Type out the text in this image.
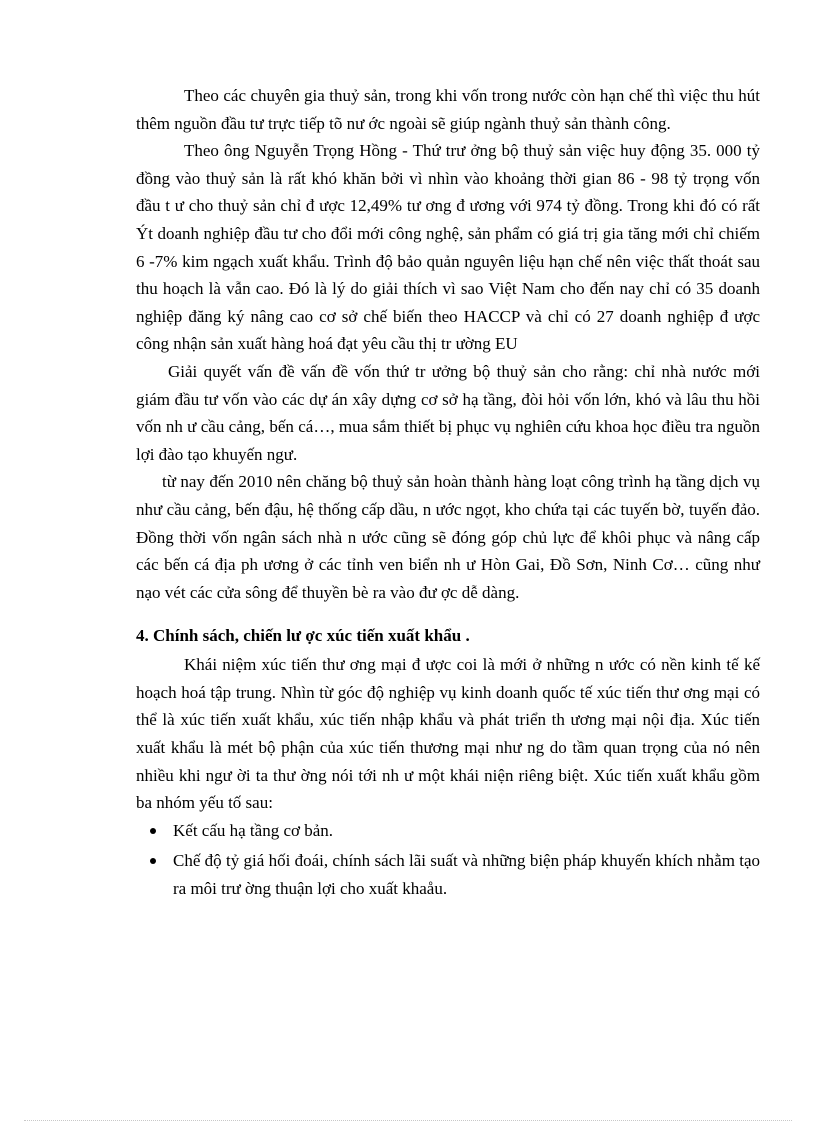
Theo các chuyên gia thuỷ sản, trong khi vốn trong nước còn hạn chế thì việc thu hút thêm nguồn đầu tư trực tiếp tõ nư ớc ngoài sẽ giúp ngành thuỷ sản thành công.

Theo ông Nguyễn Trọng Hồng - Thứ trư ởng bộ thuỷ sản việc huy động 35. 000 tỷ đồng vào thuỷ sản là rất khó khăn bởi vì nhìn vào khoảng thời gian 86 - 98 tỷ trọng vốn đầu t ư cho thuỷ sản chỉ đ ược 12,49% tư ơng đ ương với 974 tỷ đồng. Trong khi đó có rất Ýt doanh nghiệp đầu tư cho đổi mới công nghệ, sản phẩm có giá trị gia tăng mới chỉ chiếm 6 -7% kim ngạch xuất khẩu. Trình độ bảo quản nguyên liệu hạn chế nên việc thất thoát sau thu hoạch là vẫn cao. Đó là lý do giải thích vì sao Việt Nam cho đến nay chỉ có 35 doanh nghiệp đăng ký nâng cao cơ sở chế biến theo HACCP và chỉ có 27 doanh nghiệp đ ược công nhận sản xuất hàng hoá đạt yêu cầu thị tr ường EU

Giải quyết vấn đề vấn đề vốn thứ tr ưởng bộ thuỷ sản cho rằng: chỉ nhà nước mới giám đầu tư vốn vào các dự án xây dựng cơ sở hạ tầng, đòi hỏi vốn lớn, khó và lâu thu hồi vốn nh ư cầu cảng, bến cá…, mua sắm thiết bị phục vụ nghiên cứu khoa học điều tra nguồn lợi đào tạo khuyến ngư.

từ nay đến 2010 nên chăng bộ thuỷ sản hoàn thành hàng loạt công trình hạ tầng dịch vụ như cầu cảng, bến đậu, hệ thống cấp dầu, n ước ngọt, kho chứa tại các tuyến bờ, tuyến đảo. Đồng thời vốn ngân sách nhà n ước cũng sẽ đóng góp chủ lực để khôi phục và nâng cấp các bến cá địa ph ương ở các tỉnh ven biển nh ư Hòn Gai, Đồ Sơn, Ninh Cơ… cũng như nạo vét các cửa sông để thuyền bè ra vào đư ợc dễ dàng.

4. Chính sách, chiến lư ợc xúc tiến xuất khẩu .

Khái niệm xúc tiến thư ơng mại đ ược coi là mới ở những n ước có nền kinh tế kế hoạch hoá tập trung. Nhìn từ góc độ nghiệp vụ kinh doanh quốc tế xúc tiến thư ơng mại có thể là xúc tiến xuất khẩu, xúc tiến nhập khẩu và phát triển th ương mại nội địa. Xúc tiến xuất khẩu là mét bộ phận của xúc tiến thương mại như ng do tầm quan trọng của nó nên nhiều khi ngư ời ta thư ờng nói tới nh ư một khái niện riêng biệt. Xúc tiến xuất khẩu gồm ba nhóm yếu tố sau:

Kết cấu hạ tầng cơ bản.
Chế độ tỷ giá hối đoái, chính sách lãi suất và những biện pháp khuyến khích nhằm tạo ra môi trư ờng thuận lợi cho xuất khaåu.
